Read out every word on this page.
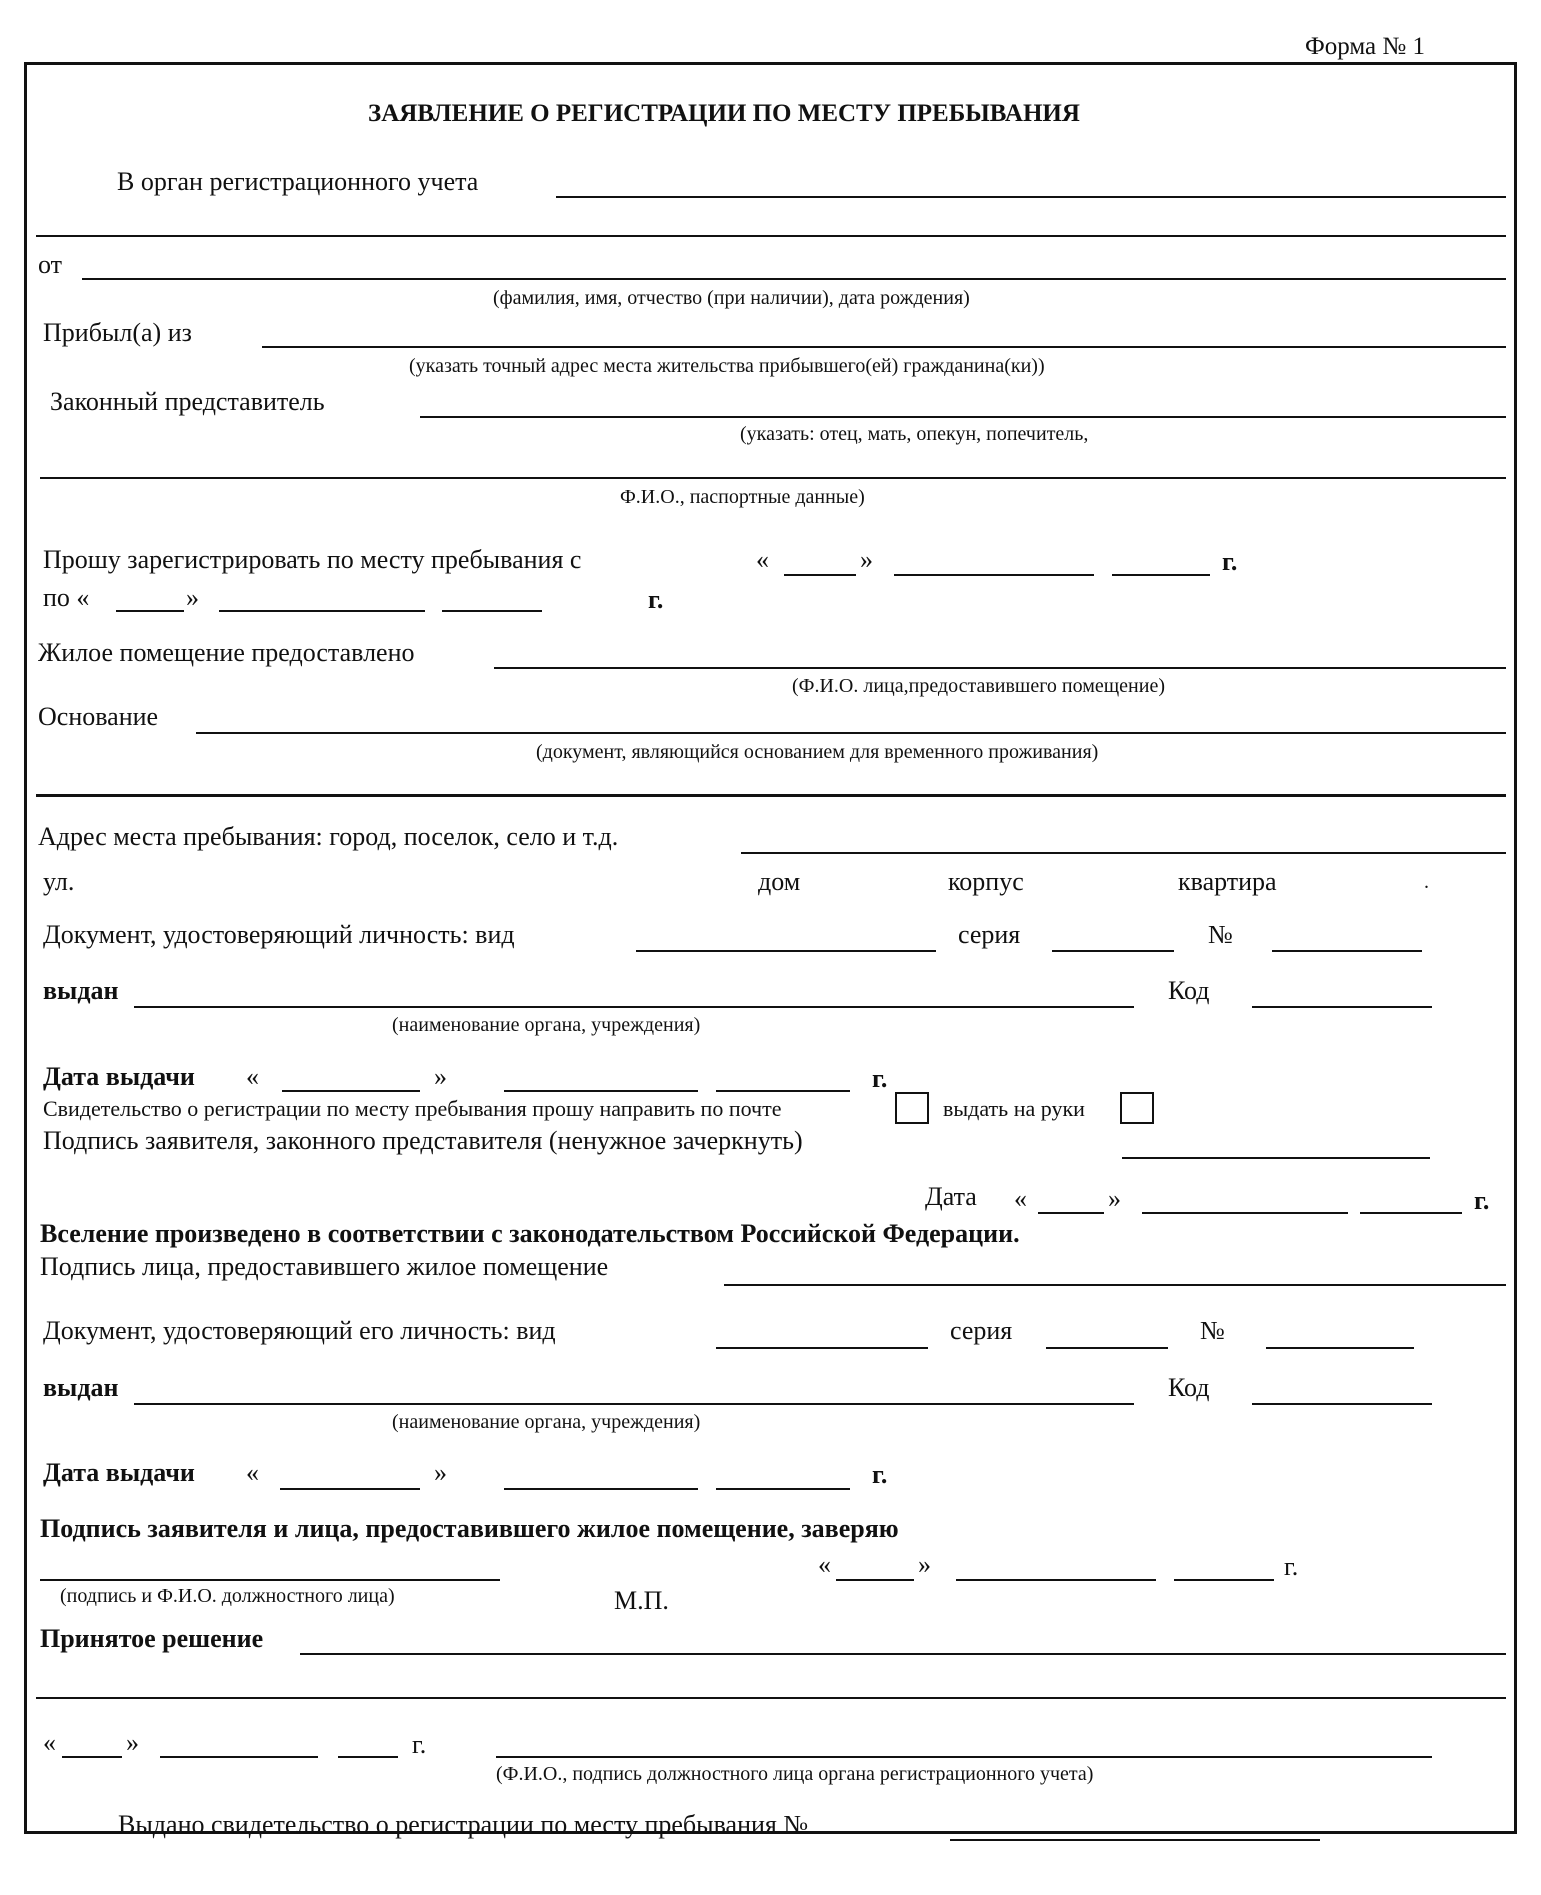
Форма № 1
ЗАЯВЛЕНИЕ О РЕГИСТРАЦИИ ПО МЕСТУ ПРЕБЫВАНИЯ
В орган регистрационного учета
от
(фамилия, имя, отчество (при наличии), дата рождения)
Прибыл(а) из
(указать точный адрес места жительства прибывшего(ей) гражданина(ки))
Законный представитель
(указать: отец, мать, опекун, попечитель,
Ф.И.О., паспортные данные)
Прошу зарегистрировать по месту пребывания с	«	»	г.
по «	»	г.
Жилое помещение предоставлено
(Ф.И.О. лица,предоставившего помещение)
Основание
(документ, являющийся основанием для временного проживания)
Адрес места пребывания: город, поселок, село и т.д.
ул.	дом	корпус	квартира	.
Документ, удостоверяющий личность: вид	серия	№
выдан	Код
(наименование органа, учреждения)
Дата выдачи «	»	г.
Свидетельство о регистрации по месту пребывания прошу направить по почте	выдать на руки
Подпись заявителя, законного представителя (ненужное зачеркнуть)
Дата «	»	г.
Вселение произведено в соответствии с законодательством Российской Федерации.
Подпись лица, предоставившего жилое помещение
Документ, удостоверяющий его личность: вид	серия	№
выдан	Код
(наименование органа, учреждения)
Дата выдачи «	»	г.
Подпись заявителя и лица, предоставившего жилое помещение, заверяю
(подпись и Ф.И.О. должностного лица)	М.П.
«	»	г.
Принятое решение
«	»	г.
(Ф.И.О., подпись должностного лица органа регистрационного учета)
Выдано свидетельство о регистрации по месту пребывания №
